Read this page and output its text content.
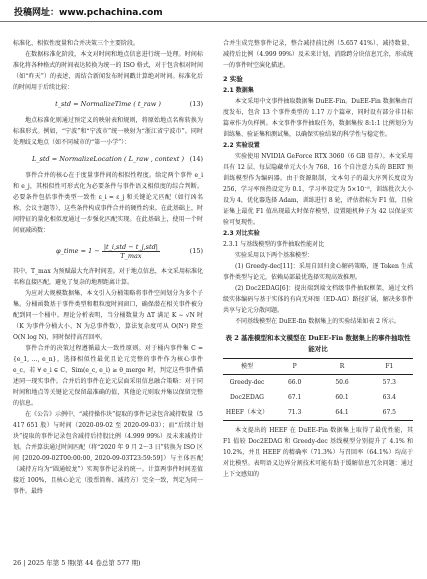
投稿网址：www.pchachina.com

标准化、相似性度量和合并决策三个主要阶段。

在数据标准化阶段，本文对时间和地点信息进行统一处理。时间标准化将各种格式的时间表达转换为统一的 ISO 格式，对于包含相对时间（如“昨天”）的表述，需结合新闻发布时间戳计算绝对时间。标准化后的时间用于后续比较：

t_std = NormalizeTime ( t_raw )	(13)

地点标准化则通过预定义的映射表和规则，将原始地点名称转换为标准形式。例如，“宁波”和“宁波市”统一映射为“浙江省宁波市”。同时处理歧义地点（如不同城市的“第一小学”）：

L_std = NormalizeLocation ( L_raw , context ) (14)

事件合并的核心在于度量事件间的相似性程度。给定两个事件 e_i 和 e_j，其相似性可形式化为必要条件与事件语义相似度的综合判断。必要条件包括事件类型一致性 ε_i = ε_j 和关键论元匹配（如行凶名称、会议主题等），这些条件构成事件合并的硬性约束。在此基础上，时间特征的量化相似度通过一步强化匹配实现。在此基础上，使用一个时间衰减函数：

φ_time = $1 - \frac{\text{|t\_i,std − t\_j,std|}}{T\_\max}$	(15)

其中，T_max 为预赋最大允许时间差。对于地点信息，本文采用标准化名称直接匹配，避免了复杂的地理距离计算。

为应对大规模数据集，本文引入分桶策略将事件空间划分为多个子集。分桶函数基于事件类型和粗粒度时间窗口，确保潜在相关事件被分配到同一个桶中。理论分析表明，当分桶数量为 ΔT 满足 K ∼ √N 时（K 为事件分桶大小，N 为总事件数），算法复杂度可从 O(N²) 降至 O(N log N)，同时保持高召回率。

事件合并的决策过程遵循最大一致性原则。对于桶内事件集 C = {e_1, …, e_n}，选择相似性最优且论元完整的事件作为核心事件 e_c，若 ∀ e_i ∈ C，Sim(e_c, e_i) ≥ θ_merge 时，判定这些事件描述同一现实事件。合并后的事件在论元层面采用信息融合策略：对于同时间和地点等关键论元保留最准确的值，其他论元则取并集以保留完整的信息。

在《公告》示例中，“减持操作块”提取的事件记录包含减持数量（5 417 651 股）与时间（2020-09-02 至 2020-09-03）；而“后续计划块”提取的事件记录包含减持后持股比例（4.999 99%）及未来减持计划。合并算法通过时间匹配（将“2020 年 9 月 2～3 日”转换为 ISO 区间 [2020-09-02T00:00:00, 2020-09-03T23:59:59]）与主体匹配（减持方均为“圆通蛟龙”）实现事件记录的统一。计算两事件时间差值接近 100%，且核心论元（股票简称、减持方）完全一致，判定为同一事件。最终

合并生成完整事件记录，整合减持前比例（5.657 41%）、减持数量、减持后比例（4.999 99%）及未来计划，消除跨分块信息冗余，形成统一的事件时空演化描述。

2 实验
2.1 数据集

本文采用中文事件抽取数据集 DuEE-Fin。DuEE-Fin 数据集由百度发布，包含 13 个事件类型的 1.17 万个篇章，同时设有部分非目标篇章作为负样例。本文事件事件抽取任务，数据集按 8:1:1 比例划分为训练集、验证集和测试集，以确保实验结果的科学性与稳定性。

2.2 实验设置

实验使用 NVIDIA GeForce RTX 3060（6 GB 显存）。本文采用具有 12 层、每层隐藏单元大小为 768、16 个自注意力头的 BERT 预训练模型作为编码器。由于资源限制，文本句子的最大序列长度设为 256，学习率预热设定为 0.1，学习率设定为 5×10⁻⁵，训练批次大小设为 4，优化器选择 Adam，训练进行 8 轮，评估指标为 F1 值，且验证集上最优 F1 值出现最大时保存模型，设置随机种子为 42 以保证实验可复现性。

2.3 对比实验
2.3.1 与基线模型的事件抽取性能对比

实验采用以下两个基准模型：

(1) Greedy-dec[11]：采用自回归贪心解码策略，逐 Token 生成事件类型与论元，依赖局部最优选择实现高效推理。

(2) Doc2EDAG[6]：提出端到端文档级事件抽取框架，通过文档级实体编码与基于实体的有向无环图（ED-AG）路径扩展，解决多事件共享与论元分散问题。

不同基线模型在 DuEE-fin 数据集上的实验结果如表 2 所示。

表 2 基准模型和本文模型在 DuEE-Fin 数据集上的事件抽取性能对比
模型	P	R	F1
Greedy-dec	66.0	50.6	57.3
Doc2EDAG	67.1	60.1	63.4
HEEF（本文）	71.3	64.1	67.5

本文提出的 HEEF 在 DuEE-Fin 数据集上取得了最优性能，其 F1 值较 Doc2EDAG 和 Greedy-dec 基线模型分别提升了 4.1% 和 10.2%，并且 HEEF 的精确率（71.3%）与召回率（64.1%）均高于对比模型。表明语义边界分割技术可能有助于缓解信息冗余问题：通过上下文感知的

26 | 2025 年第 5 期(第 44 卷总第 577 期)
